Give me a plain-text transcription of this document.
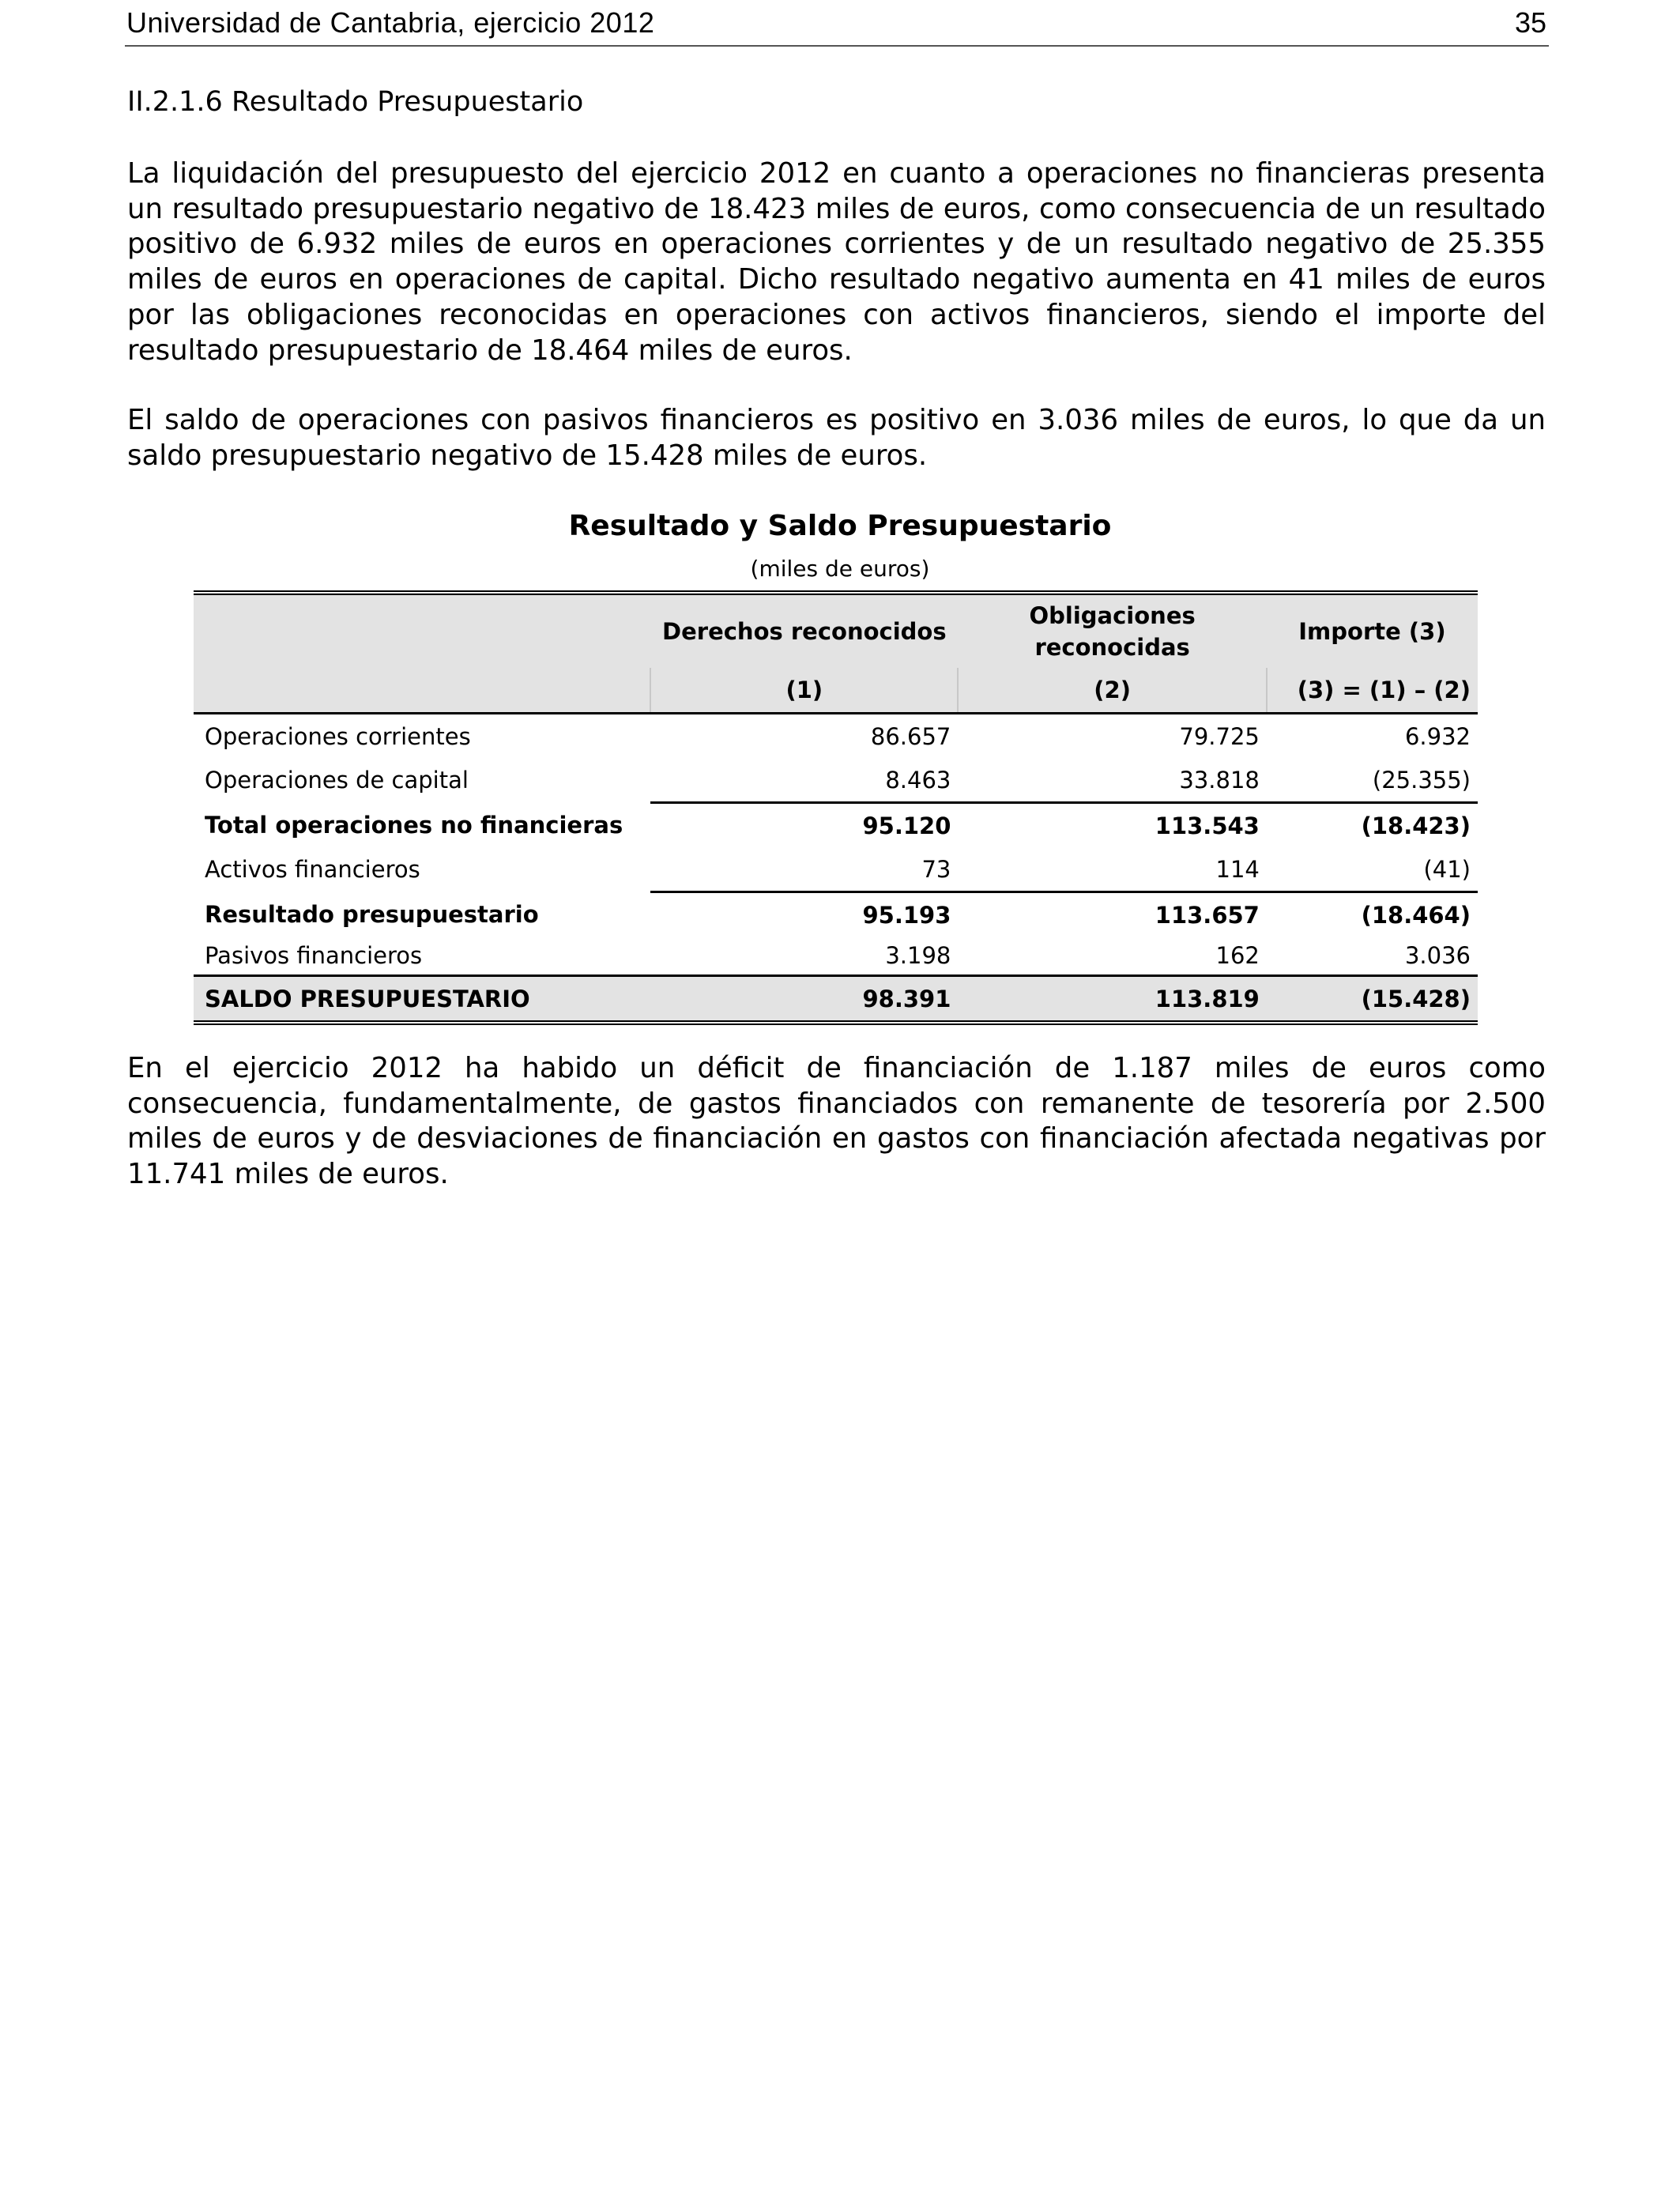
Universidad de Cantabria, ejercicio 2012	35
II.2.1.6 Resultado Presupuestario
La liquidación del presupuesto del ejercicio 2012 en cuanto a operaciones no financieras presenta un resultado presupuestario negativo de 18.423 miles de euros, como consecuencia de un resultado positivo de 6.932 miles de euros en operaciones corrientes y de un resultado negativo de 25.355 miles de euros en operaciones de capital. Dicho resultado negativo aumenta en 41 miles de euros por las obligaciones reconocidas en operaciones con activos financieros, siendo el importe del resultado presupuestario de 18.464 miles de euros.
El saldo de operaciones con pasivos financieros es positivo en 3.036 miles de euros, lo que da un saldo presupuestario negativo de 15.428 miles de euros.
Resultado y Saldo Presupuestario
(miles de euros)
	Derechos reconocidos	Obligaciones reconocidas	Importe (3)
	(1)	(2)	(3) = (1) – (2)
Operaciones corrientes	86.657	79.725	6.932
Operaciones de capital	8.463	33.818	(25.355)
Total operaciones no financieras	95.120	113.543	(18.423)
Activos financieros	73	114	(41)
Resultado presupuestario	95.193	113.657	(18.464)
Pasivos financieros	3.198	162	3.036
SALDO PRESUPUESTARIO	98.391	113.819	(15.428)
En el ejercicio 2012 ha habido un déficit de financiación de 1.187 miles de euros como consecuencia, fundamentalmente, de gastos financiados con remanente de tesorería por 2.500 miles de euros y de desviaciones de financiación en gastos con financiación afectada negativas por 11.741 miles de euros.
